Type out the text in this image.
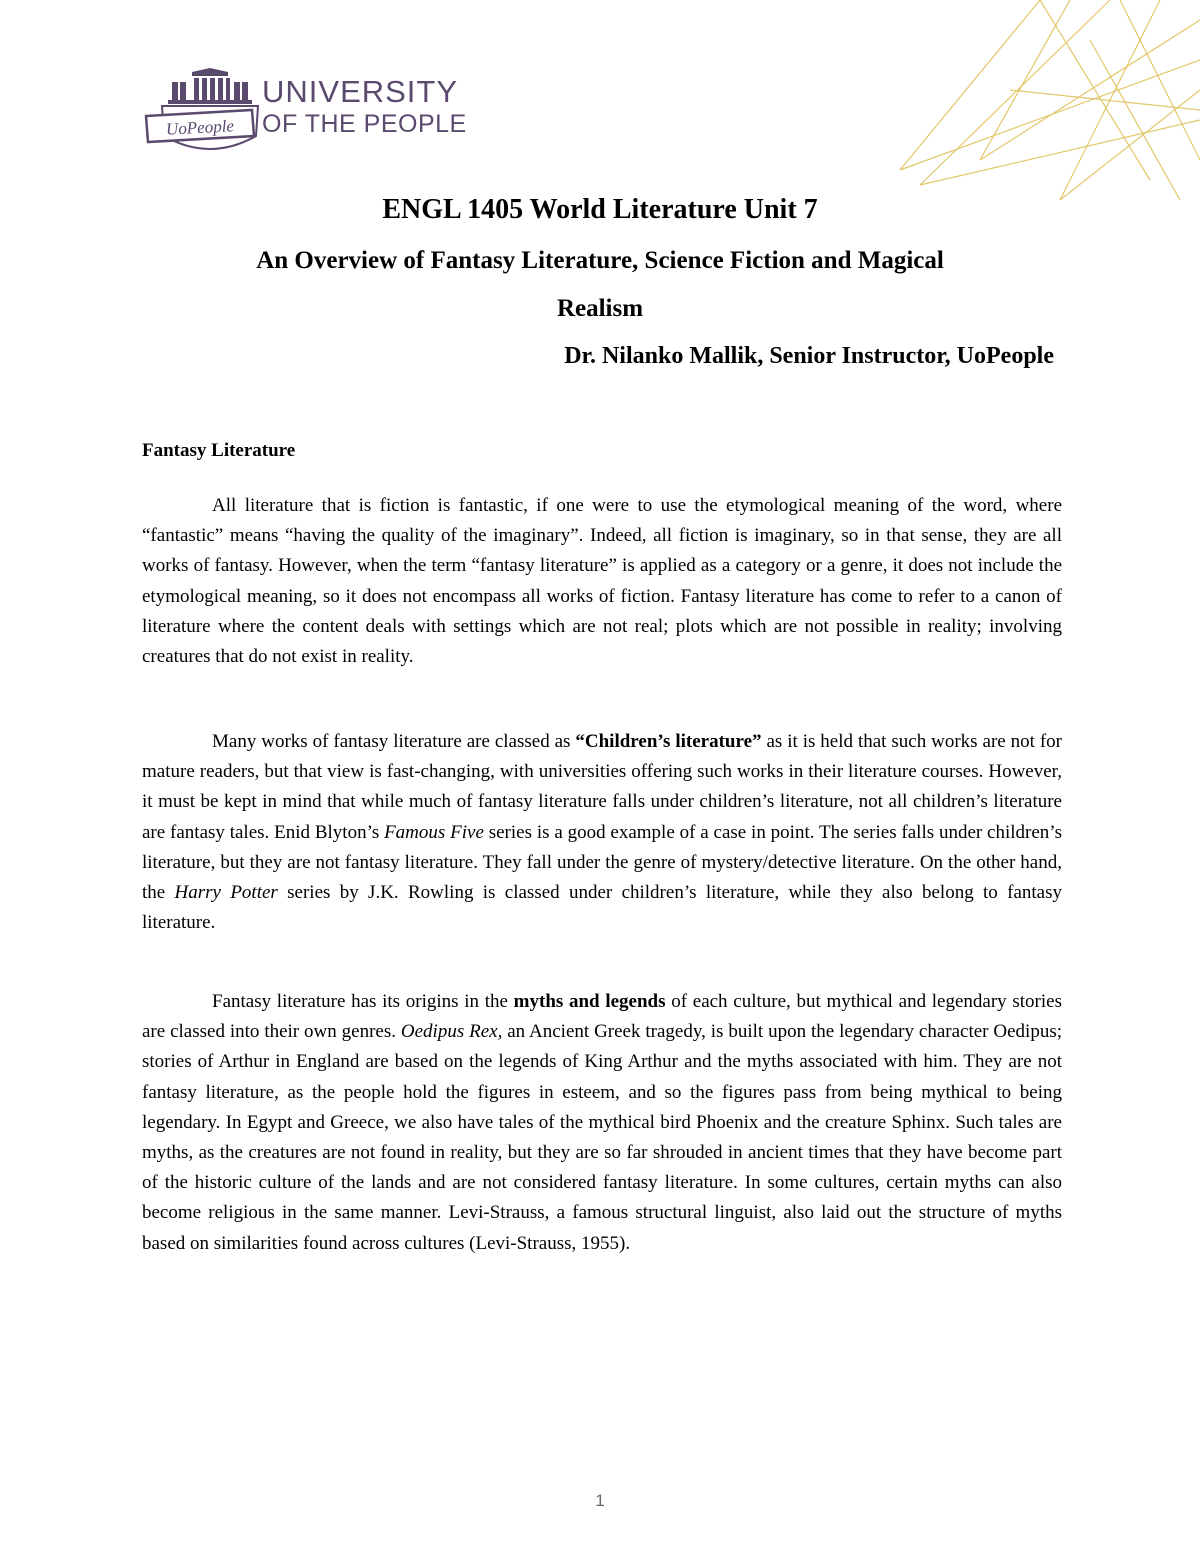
UoPeople
UNIVERSITY
OF THE PEOPLE
ENGL 1405 World Literature Unit 7
An Overview of Fantasy Literature, Science Fiction and Magical
Realism
Dr. Nilanko Mallik, Senior Instructor, UoPeople
Fantasy Literature

All literature that is fiction is fantastic, if one were to use the etymological meaning of the word, where “fantastic” means “having the quality of the imaginary”. Indeed, all fiction is imaginary, so in that sense, they are all works of fantasy. However, when the term “fantasy literature” is applied as a category or a genre, it does not include the etymological meaning, so it does not encompass all works of fiction. Fantasy literature has come to refer to a canon of literature where the content deals with settings which are not real; plots which are not possible in reality; involving creatures that do not exist in reality.

Many works of fantasy literature are classed as “Children’s literature” as it is held that such works are not for mature readers, but that view is fast-changing, with universities offering such works in their literature courses. However, it must be kept in mind that while much of fantasy literature falls under children’s literature, not all children’s literature are fantasy tales. Enid Blyton’s Famous Five series is a good example of a case in point. The series falls under children’s literature, but they are not fantasy literature. They fall under the genre of mystery/detective literature. On the other hand, the Harry Potter series by J.K. Rowling is classed under children’s literature, while they also belong to fantasy literature.

Fantasy literature has its origins in the myths and legends of each culture, but mythical and legendary stories are classed into their own genres. Oedipus Rex, an Ancient Greek tragedy, is built upon the legendary character Oedipus; stories of Arthur in England are based on the legends of King Arthur and the myths associated with him. They are not fantasy literature, as the people hold the figures in esteem, and so the figures pass from being mythical to being legendary. In Egypt and Greece, we also have tales of the mythical bird Phoenix and the creature Sphinx. Such tales are myths, as the creatures are not found in reality, but they are so far shrouded in ancient times that they have become part of the historic culture of the lands and are not considered fantasy literature. In some cultures, certain myths can also become religious in the same manner. Levi-Strauss, a famous structural linguist, also laid out the structure of myths based on similarities found across cultures (Levi-Strauss, 1955).

1
